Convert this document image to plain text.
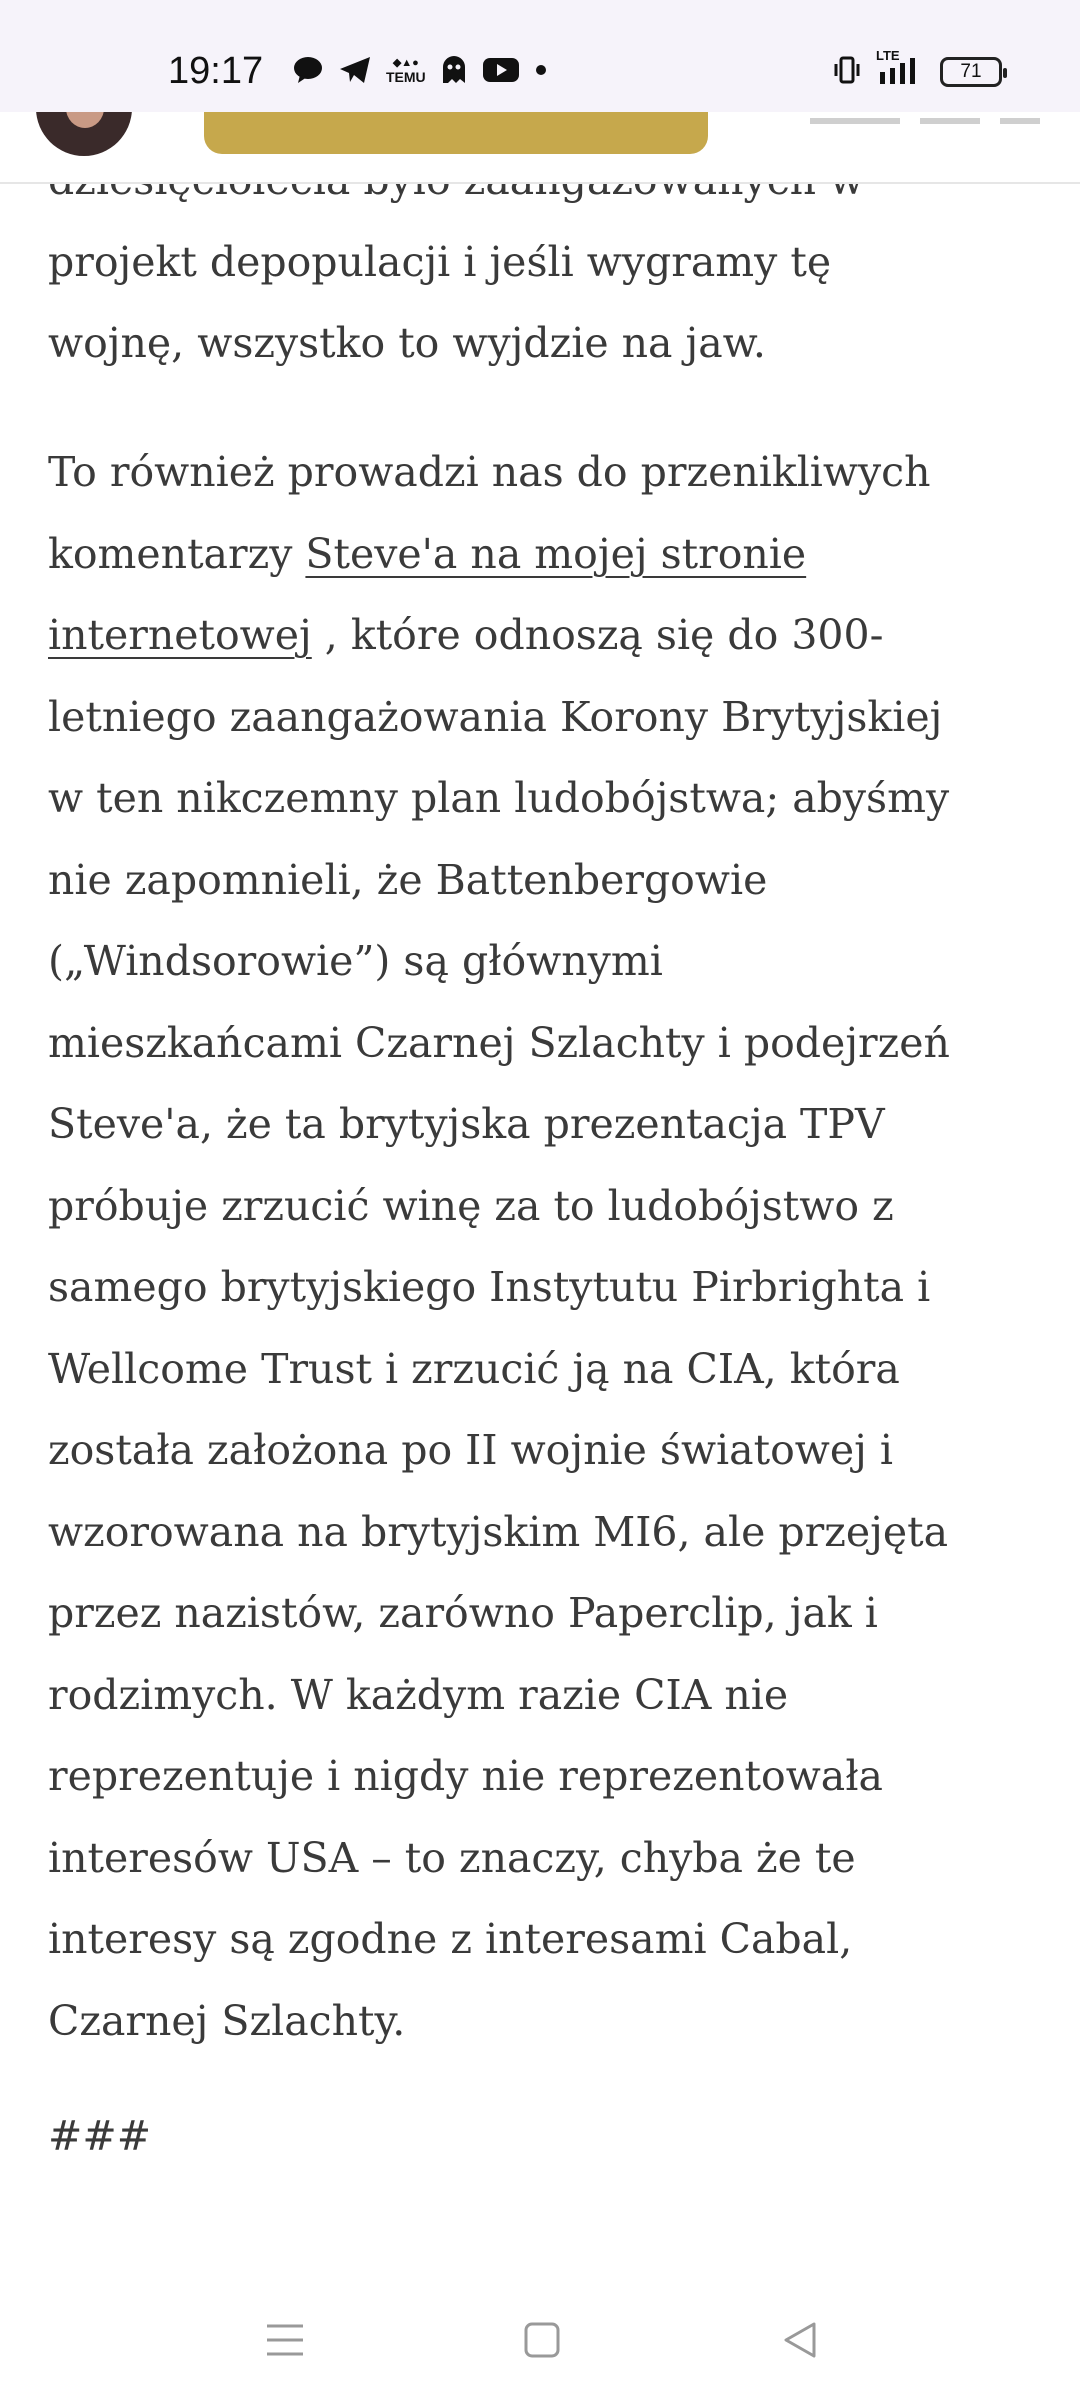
19:17	◆▲●
TEMU
LTE
71

projekt depopulacji i jeśli wygramy tę
wojnę, wszystko to wyjdzie na jaw.

To również prowadzi nas do przenikliwych
komentarzy Steve'a na mojej stronie
internetowej , które odnoszą się do 300-
letniego zaangażowania Korony Brytyjskiej
w ten nikczemny plan ludobójstwa; abyśmy
nie zapomnieli, że Battenbergowie
(„Windsorowie”) są głównymi
mieszkańcami Czarnej Szlachty i podejrzeń
Steve'a, że ta brytyjska prezentacja TPV
próbuje zrzucić winę za to ludobójstwo z
samego brytyjskiego Instytutu Pirbrighta i
Wellcome Trust i zrzucić ją na CIA, która
została założona po II wojnie światowej i
wzorowana na brytyjskim MI6, ale przejęta
przez nazistów, zarówno Paperclip, jak i
rodzimych. W każdym razie CIA nie
reprezentuje i nigdy nie reprezentowała
interesów USA – to znaczy, chyba że te
interesy są zgodne z interesami Cabal,
Czarnej Szlachty.

###
